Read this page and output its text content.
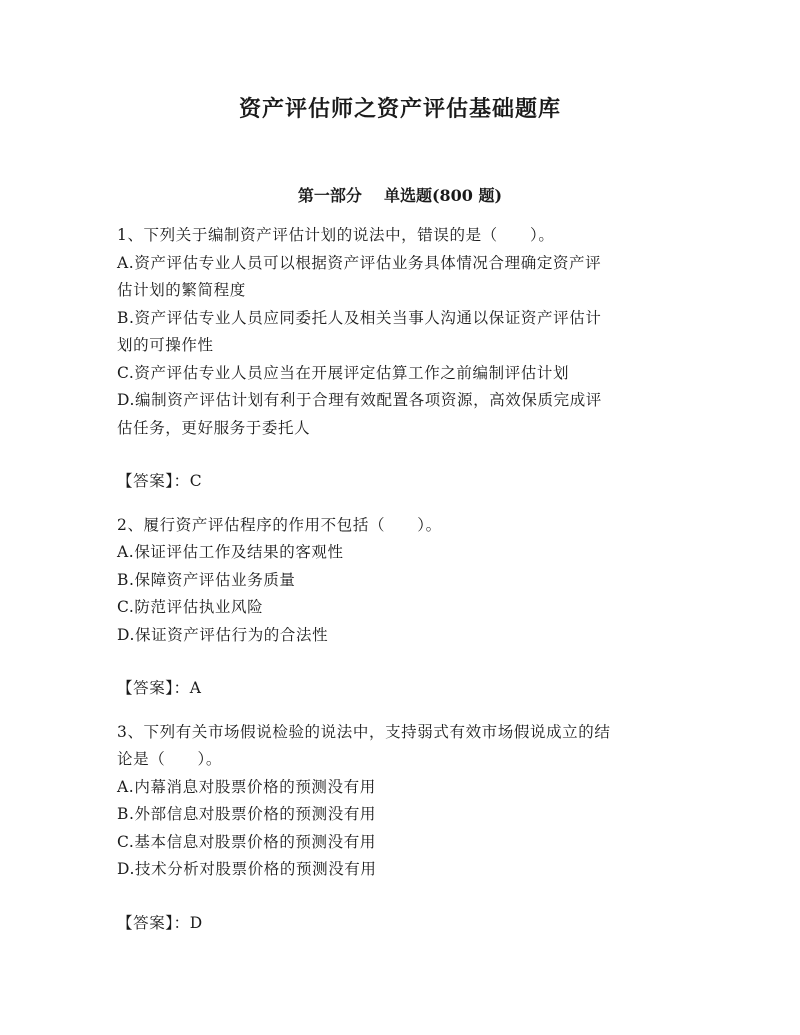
资产评估师之资产评估基础题库
第一部分 单选题(800 题)
1、下列关于编制资产评估计划的说法中，错误的是（　　）。
A.资产评估专业人员可以根据资产评估业务具体情况合理确定资产评
估计划的繁简程度
B.资产评估专业人员应同委托人及相关当事人沟通以保证资产评估计
划的可操作性
C.资产评估专业人员应当在开展评定估算工作之前编制评估计划
D.编制资产评估计划有利于合理有效配置各项资源，高效保质完成评
估任务，更好服务于委托人
【答案】：C
2、履行资产评估程序的作用不包括（　　）。
A.保证评估工作及结果的客观性
B.保障资产评估业务质量
C.防范评估执业风险
D.保证资产评估行为的合法性
【答案】：A
3、下列有关市场假说检验的说法中，支持弱式有效市场假说成立的结
论是（　　）。
A.内幕消息对股票价格的预测没有用
B.外部信息对股票价格的预测没有用
C.基本信息对股票价格的预测没有用
D.技术分析对股票价格的预测没有用
【答案】：D
